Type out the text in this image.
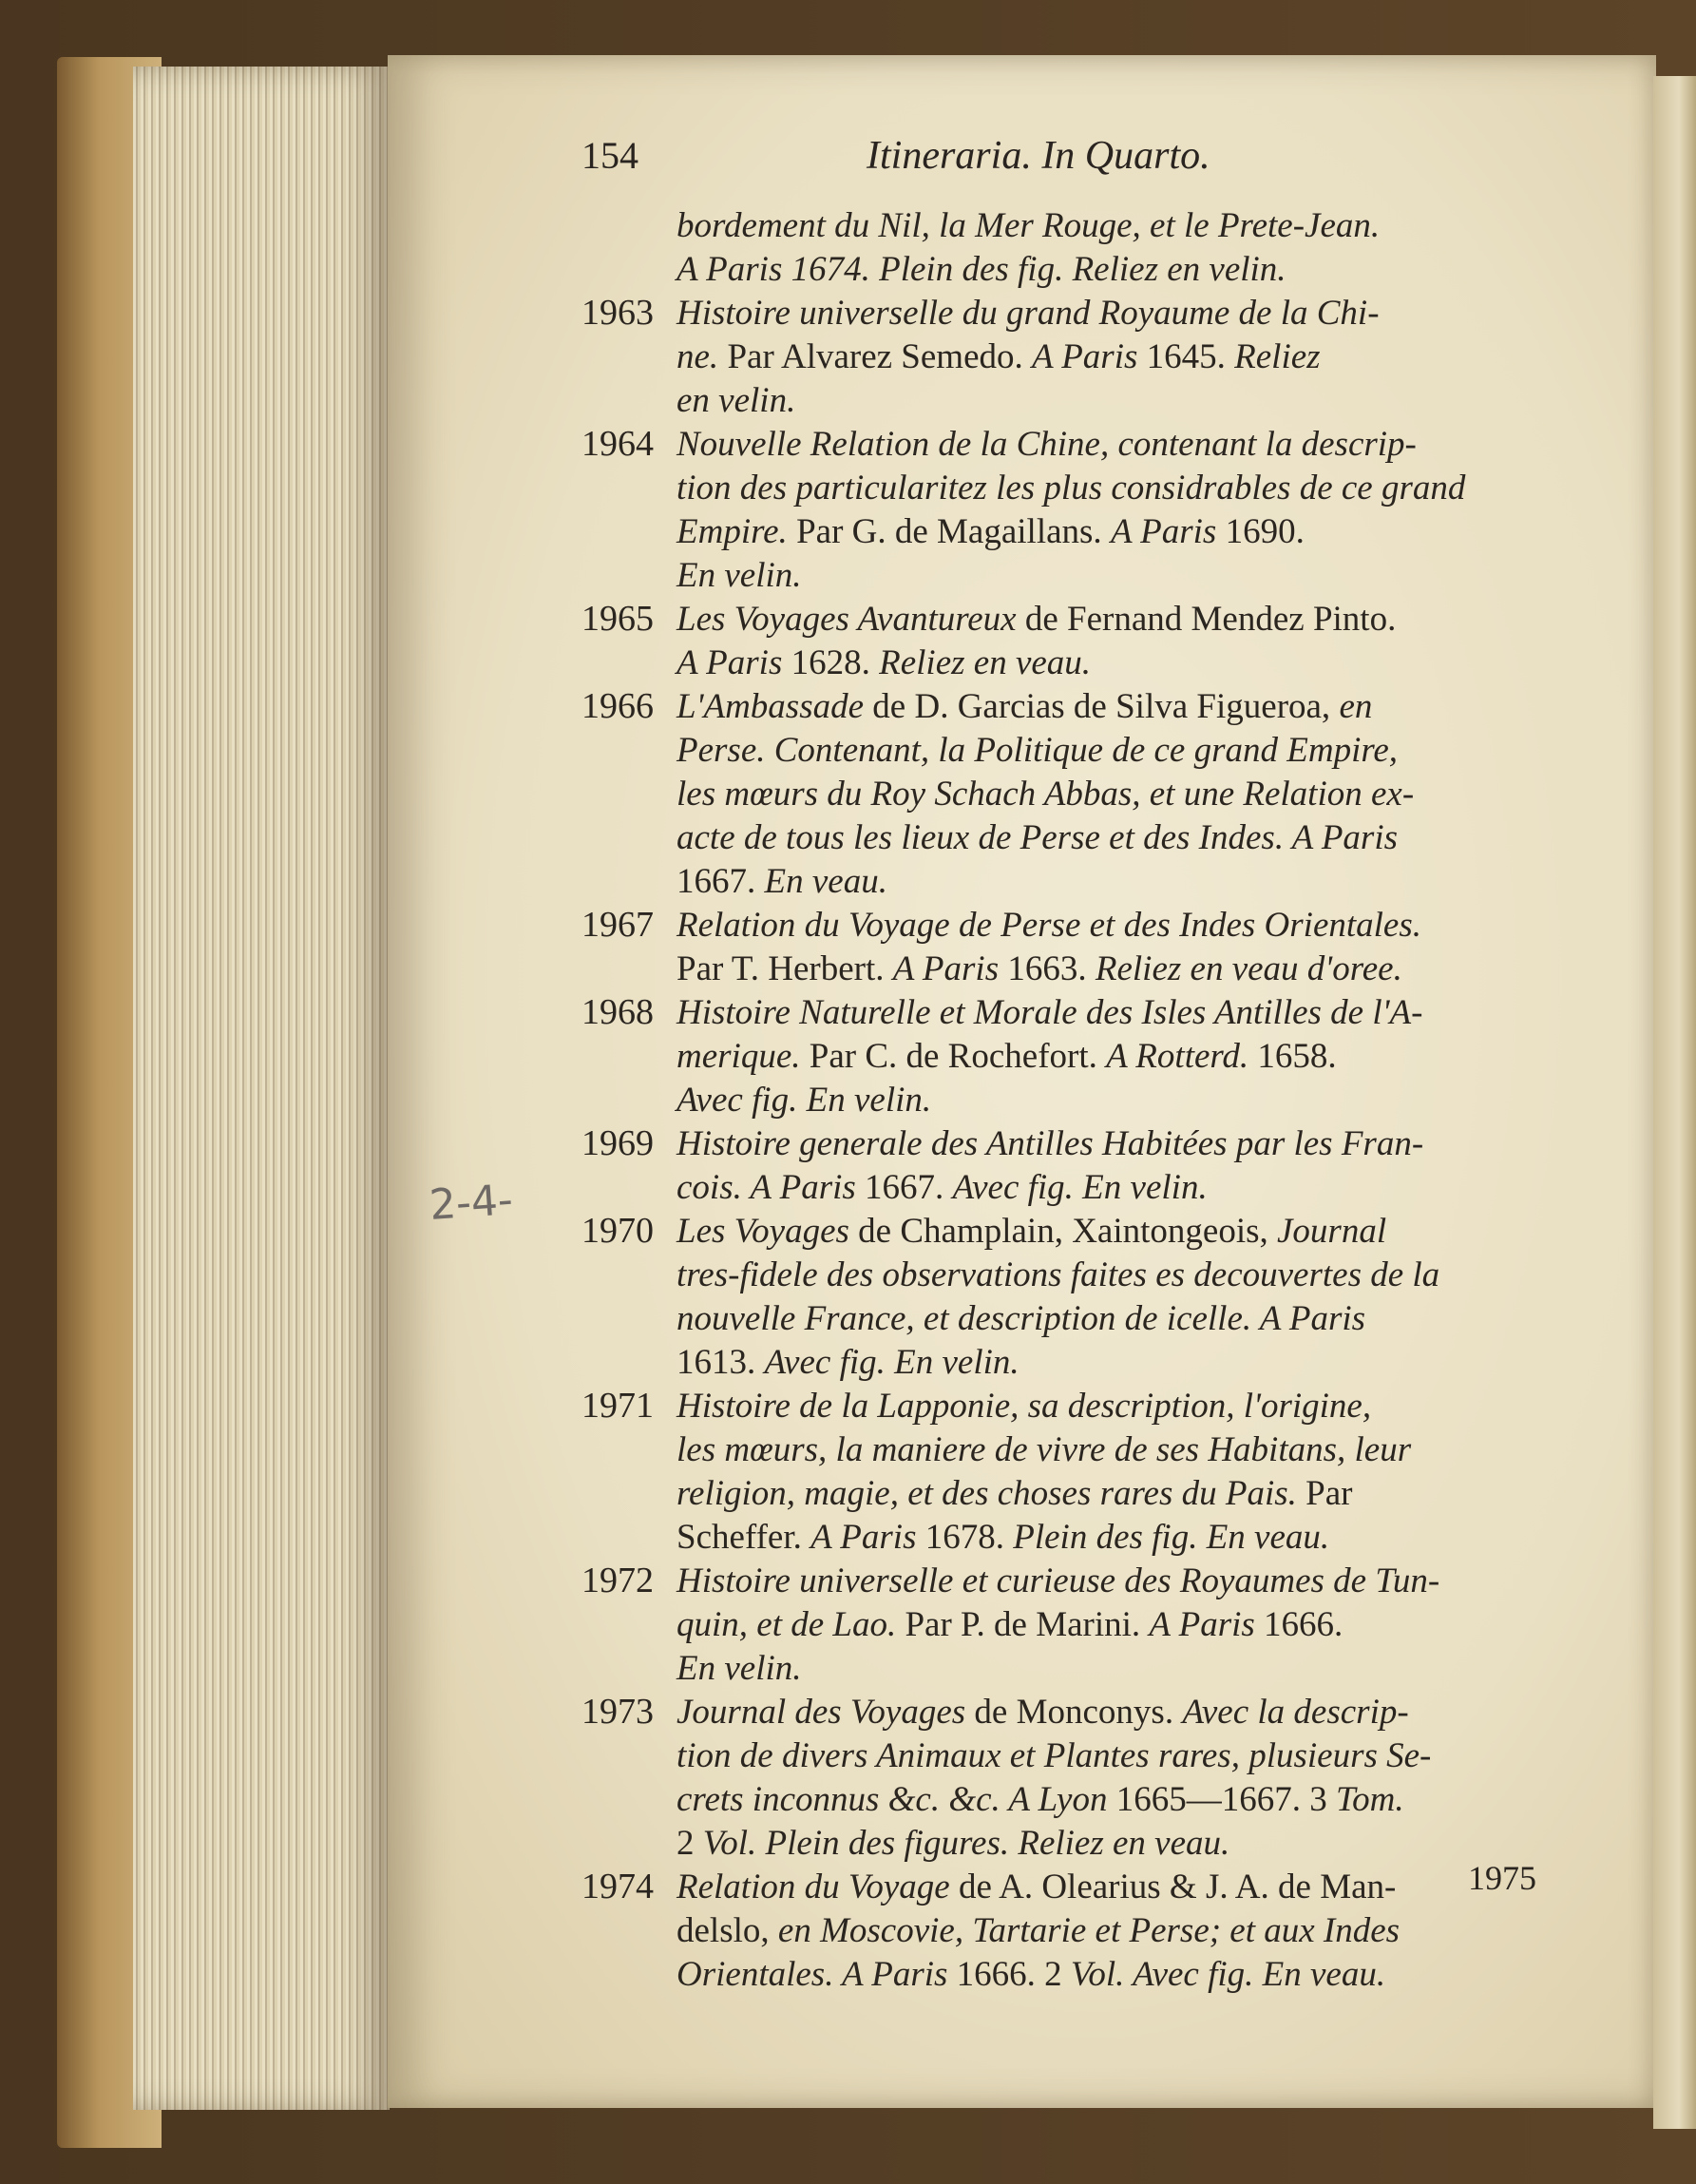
154	Itineraria. In Quarto.
2-4-
bordement du Nil, la Mer Rouge, et le Prete-Jean.
A Paris 1674. Plein des fig. Reliez en velin.
1963 Histoire universelle du grand Royaume de la Chi-
ne. Par Alvarez Semedo. A Paris 1645. Reliez
en velin.
1964 Nouvelle Relation de la Chine, contenant la descrip-
tion des particularitez les plus considrables de ce grand
Empire. Par G. de Magaillans. A Paris 1690.
En velin.
1965 Les Voyages Avantureux de Fernand Mendez Pinto.
A Paris 1628. Reliez en veau.
1966 L'Ambassade de D. Garcias de Silva Figueroa, en
Perse. Contenant, la Politique de ce grand Empire,
les mœurs du Roy Schach Abbas, et une Relation ex-
acte de tous les lieux de Perse et des Indes. A Paris
1667. En veau.
1967 Relation du Voyage de Perse et des Indes Orientales.
Par T. Herbert. A Paris 1663. Reliez en veau d'oree.
1968 Histoire Naturelle et Morale des Isles Antilles de l'A-
merique. Par C. de Rochefort. A Rotterd. 1658.
Avec fig. En velin.
1969 Histoire generale des Antilles Habitées par les Fran-
cois. A Paris 1667. Avec fig. En velin.
1970 Les Voyages de Champlain, Xaintongeois, Journal
tres-fidele des observations faites es decouvertes de la
nouvelle France, et description de icelle. A Paris
1613. Avec fig. En velin.
1971 Histoire de la Lapponie, sa description, l'origine,
les mœurs, la maniere de vivre de ses Habitans, leur
religion, magie, et des choses rares du Pais. Par
Scheffer. A Paris 1678. Plein des fig. En veau.
1972 Histoire universelle et curieuse des Royaumes de Tun-
quin, et de Lao. Par P. de Marini. A Paris 1666.
En velin.
1973 Journal des Voyages de Monconys. Avec la descrip-
tion de divers Animaux et Plantes rares, plusieurs Se-
crets inconnus &c. &c. A Lyon 1665—1667. 3 Tom.
2 Vol. Plein des figures. Reliez en veau.
1974 Relation du Voyage de A. Olearius & J. A. de Man-
delslo, en Moscovie, Tartarie et Perse; et aux Indes
Orientales. A Paris 1666. 2 Vol. Avec fig. En veau.
1975
